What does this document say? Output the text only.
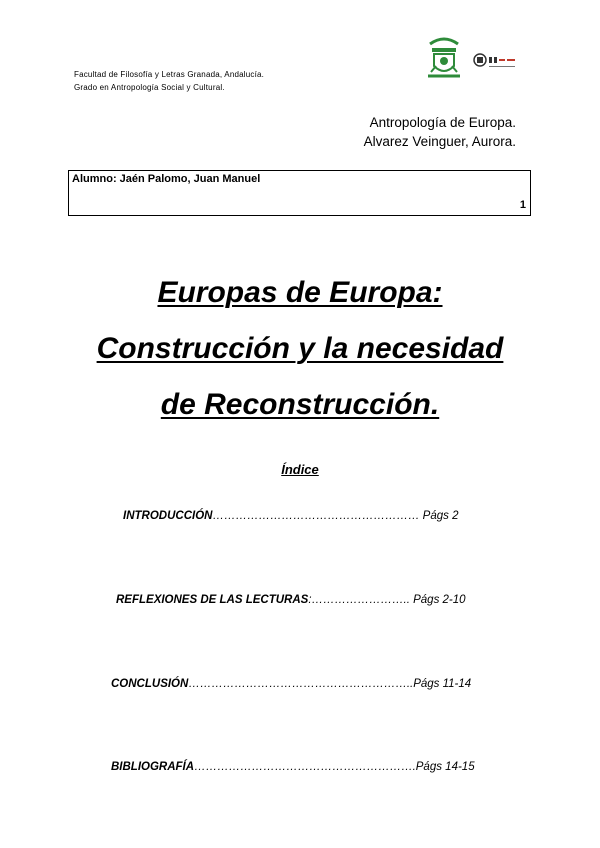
Facultad de Filosofía y Letras Granada, Andalucía.
Grado en Antropología Social y Cultural.
Antropología de Europa.
Alvarez Veinguer, Aurora.
Alumno: Jaén Palomo, Juan Manuel
1
Europas de Europa:
Construcción y la necesidad
de Reconstrucción.
Índice
INTRODUCCIÓN……………………………………………… Págs 2
REFLEXIONES DE LAS LECTURAS:…………………….. Págs 2-10
CONCLUSIÓN…………………………………………………..Págs 11-14
BIBLIOGRAFÍA………………………………………………….Págs 14-15
